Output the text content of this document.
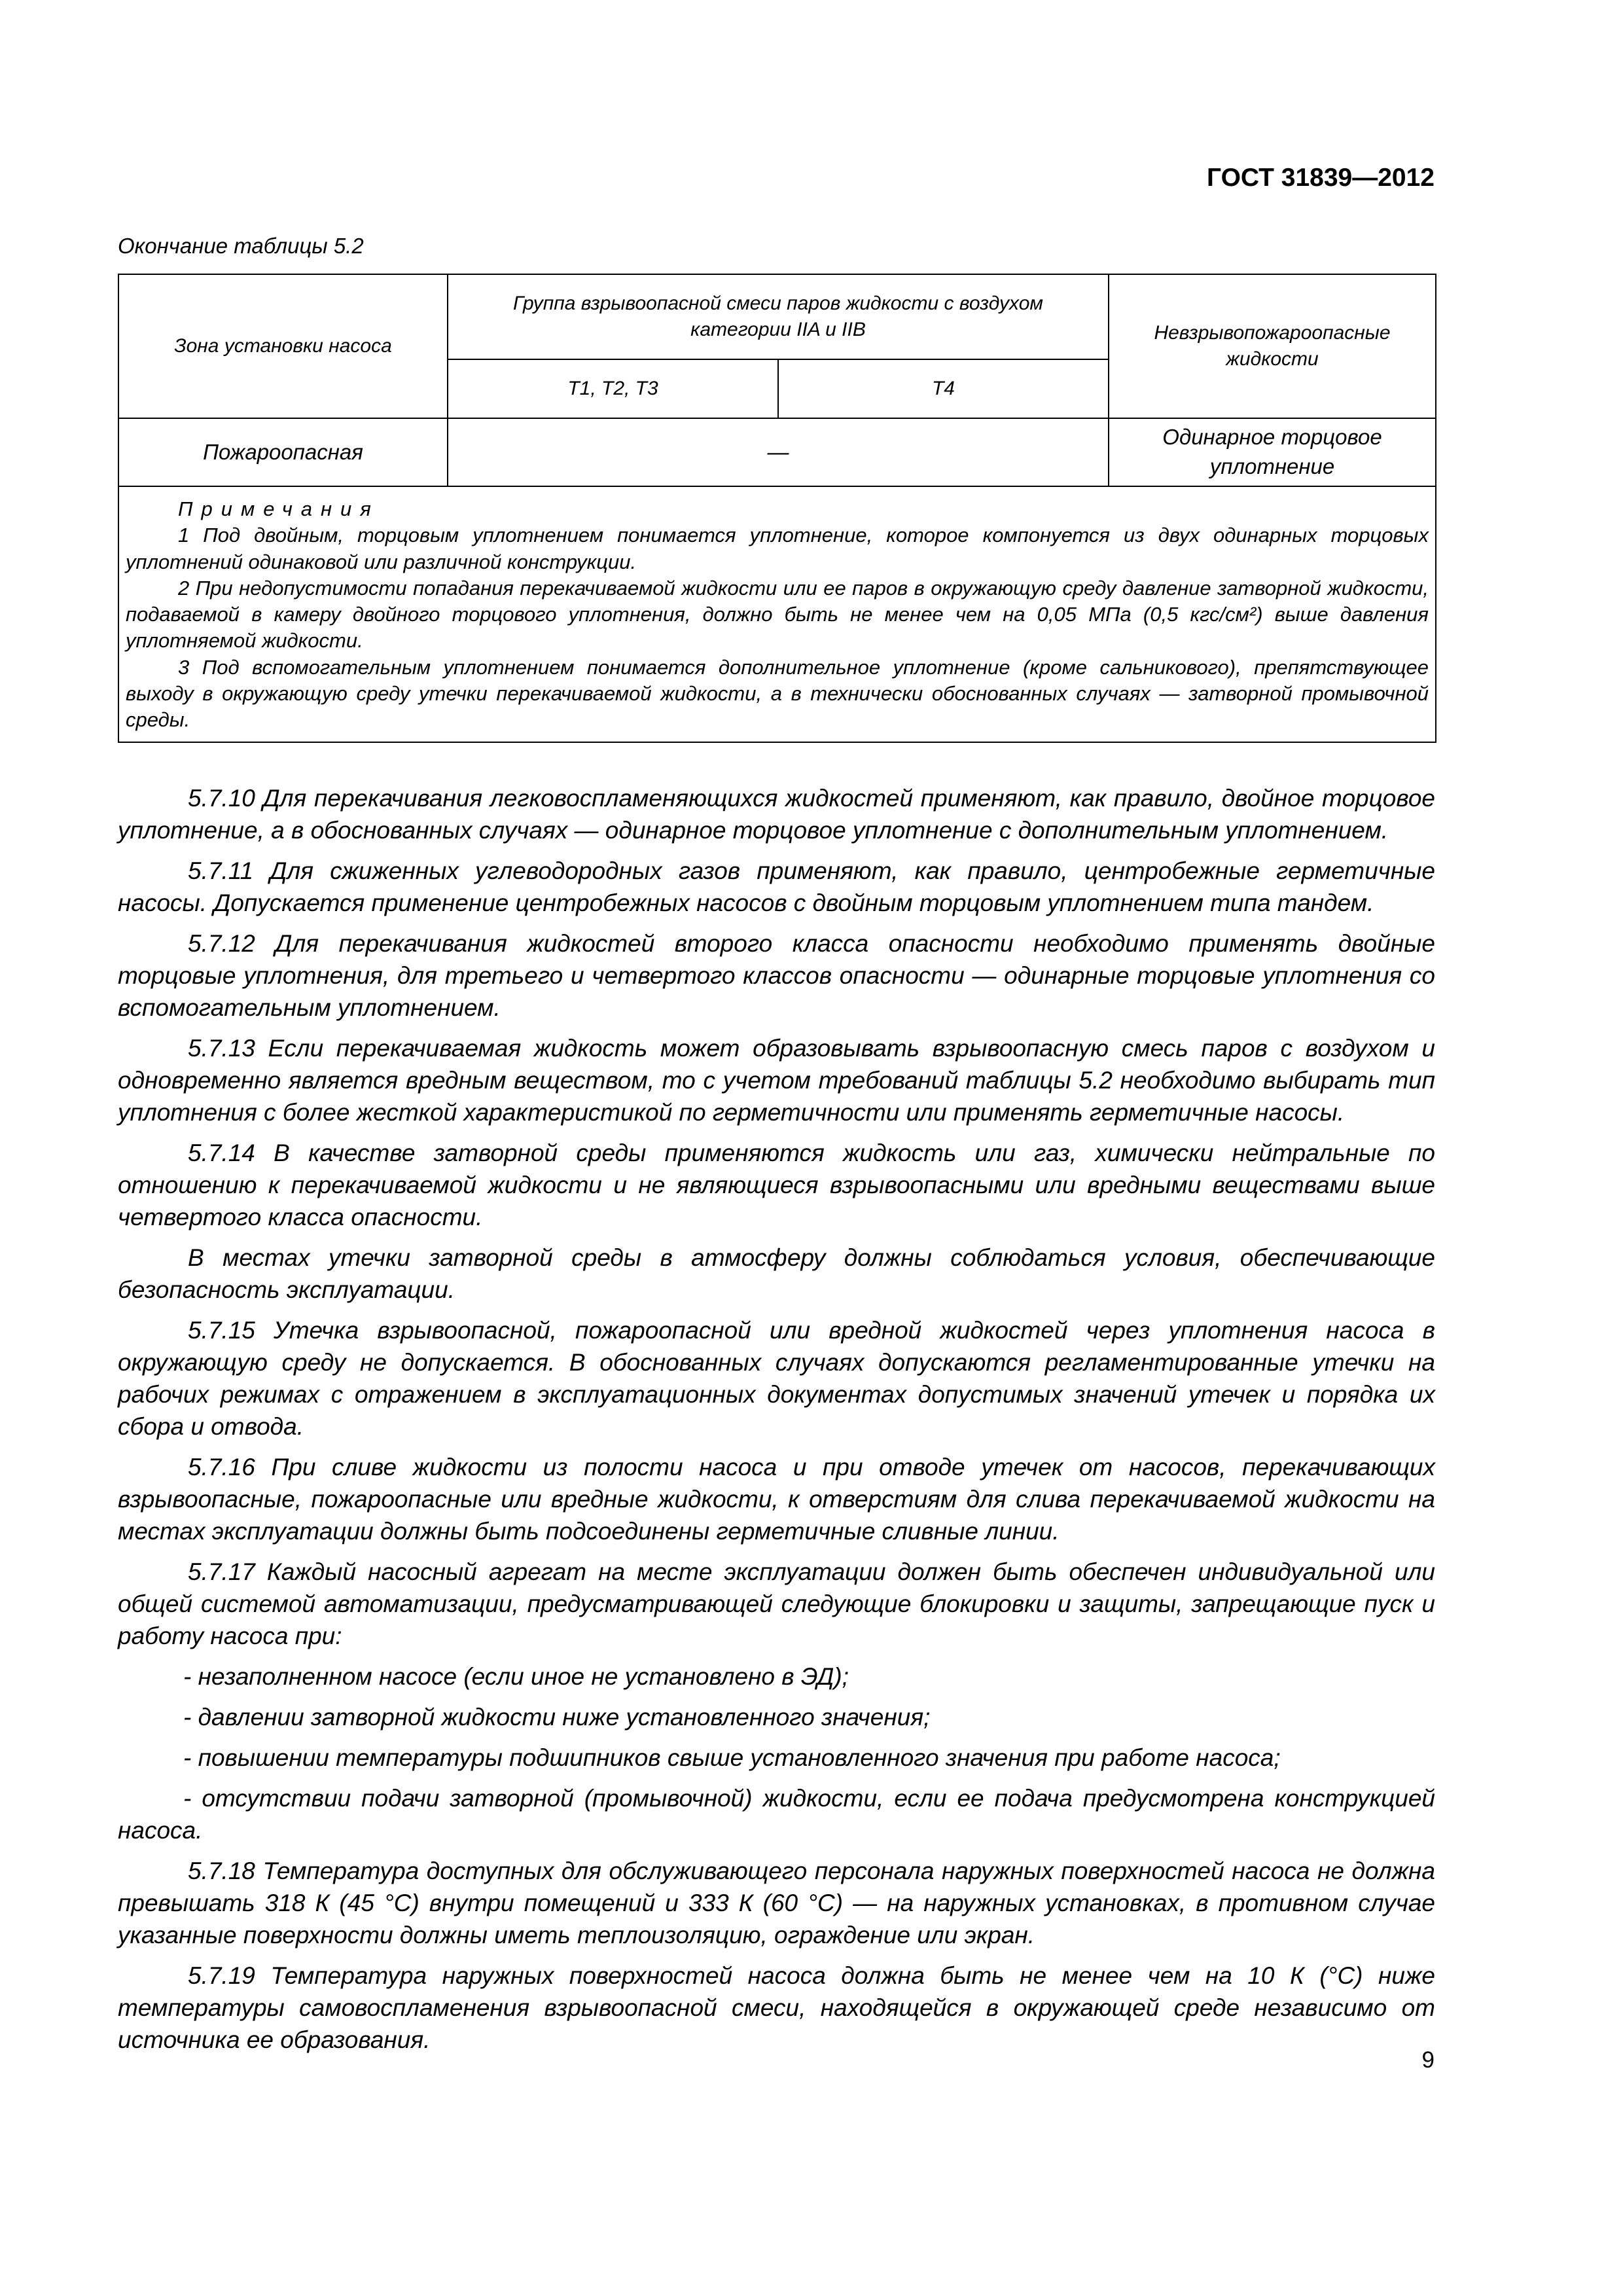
ГОСТ 31839—2012
Окончание таблицы 5.2
Зона установки насоса	Группа взрывоопасной смеси паров жидкости с воздухом категории IIA и IIB		Невзрывопожароопасные жидкости
	T1, T2, T3	T4	
Пожароопасная	—		Одинарное торцовое уплотнение

Примечания

1 Под двойным, торцовым уплотнением понимается уплотнение, которое компонуется из двух одинарных торцовых уплотнений одинаковой или различной конструкции.

2 При недопустимости попадания перекачиваемой жидкости или ее паров в окружающую среду давление затворной жидкости, подаваемой в камеру двойного торцового уплотнения, должно быть не менее чем на 0,05 МПа (0,5 кгс/см²) выше давления уплотняемой жидкости.

3 Под вспомогательным уплотнением понимается дополнительное уплотнение (кроме сальникового), препятствующее выходу в окружающую среду утечки перекачиваемой жидкости, а в технически обоснованных случаях — затворной промывочной среды.			

5.7.10 Для перекачивания легковоспламеняющихся жидкостей применяют, как правило, двойное торцовое уплотнение, а в обоснованных случаях — одинарное торцовое уплотнение с дополнительным уплотнением.

5.7.11 Для сжиженных углеводородных газов применяют, как правило, центробежные герметичные насосы. Допускается применение центробежных насосов с двойным торцовым уплотнением типа тандем.

5.7.12 Для перекачивания жидкостей второго класса опасности необходимо применять двойные торцовые уплотнения, для третьего и четвертого классов опасности — одинарные торцовые уплотнения со вспомогательным уплотнением.

5.7.13 Если перекачиваемая жидкость может образовывать взрывоопасную смесь паров с воздухом и одновременно является вредным веществом, то с учетом требований таблицы 5.2 необходимо выбирать тип уплотнения с более жесткой характеристикой по герметичности или применять герметичные насосы.

5.7.14 В качестве затворной среды применяются жидкость или газ, химически нейтральные по отношению к перекачиваемой жидкости и не являющиеся взрывоопасными или вредными веществами выше четвертого класса опасности.

В местах утечки затворной среды в атмосферу должны соблюдаться условия, обеспечивающие безопасность эксплуатации.

5.7.15 Утечка взрывоопасной, пожароопасной или вредной жидкостей через уплотнения насоса в окружающую среду не допускается. В обоснованных случаях допускаются регламентированные утечки на рабочих режимах с отражением в эксплуатационных документах допустимых значений утечек и порядка их сбора и отвода.

5.7.16 При сливе жидкости из полости насоса и при отводе утечек от насосов, перекачивающих взрывоопасные, пожароопасные или вредные жидкости, к отверстиям для слива перекачиваемой жидкости на местах эксплуатации должны быть подсоединены герметичные сливные линии.

5.7.17 Каждый насосный агрегат на месте эксплуатации должен быть обеспечен индивидуальной или общей системой автоматизации, предусматривающей следующие блокировки и защиты, запрещающие пуск и работу насоса при:

- незаполненном насосе (если иное не установлено в ЭД);

- давлении затворной жидкости ниже установленного значения;

- повышении температуры подшипников свыше установленного значения при работе насоса;

- отсутствии подачи затворной (промывочной) жидкости, если ее подача предусмотрена конструкцией насоса.

5.7.18 Температура доступных для обслуживающего персонала наружных поверхностей насоса не должна превышать 318 К (45 °С) внутри помещений и 333 К (60 °С) — на наружных установках, в противном случае указанные поверхности должны иметь теплоизоляцию, ограждение или экран.

5.7.19 Температура наружных поверхностей насоса должна быть не менее чем на 10 К (°С) ниже температуры самовоспламенения взрывоопасной смеси, находящейся в окружающей среде независимо от источника ее образования.

9
